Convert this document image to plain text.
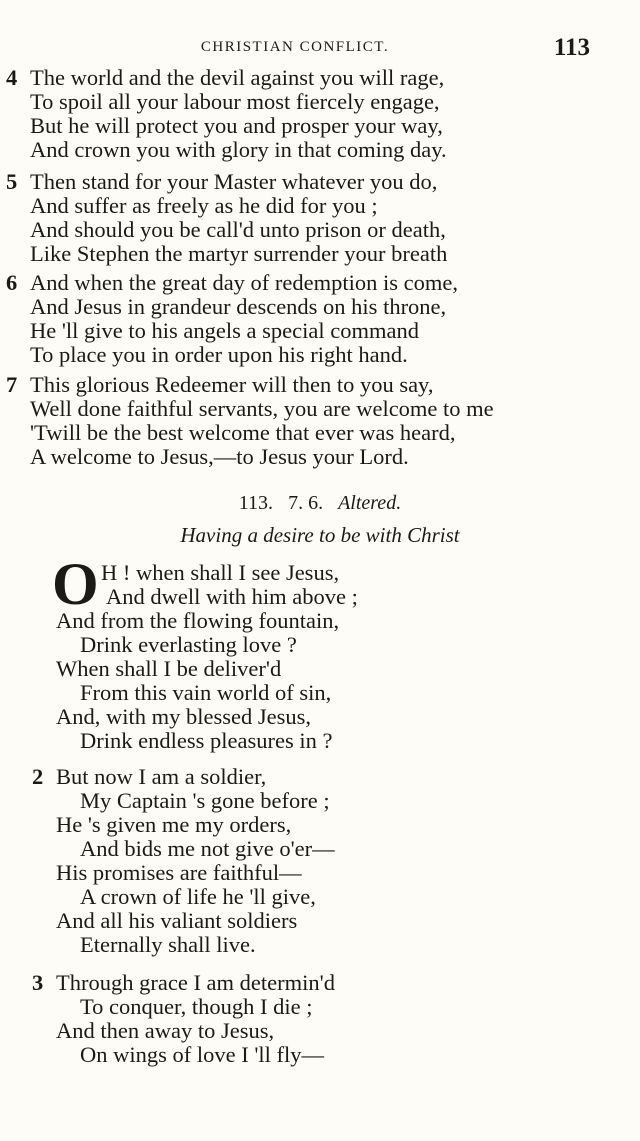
CHRISTIAN CONFLICT.	113
4 The world and the devil against you will rage,
To spoil all your labour most fiercely engage,
But he will protect you and prosper your way,
And crown you with glory in that coming day.
5 Then stand for your Master whatever you do,
And suffer as freely as he did for you ;
And should you be call'd unto prison or death,
Like Stephen the martyr surrender your breath
6 And when the great day of redemption is come,
And Jesus in grandeur descends on his throne,
He 'll give to his angels a special command
To place you in order upon his right hand.
7 This glorious Redeemer will then to you say,
Well done faithful servants, you are welcome to me
'Twill be the best welcome that ever was heard,
A welcome to Jesus,—to Jesus your Lord.
113. 7. 6. Altered.
Having a desire to be with Christ
O H ! when shall I see Jesus,
And dwell with him above ;
And from the flowing fountain,
Drink everlasting love ?
When shall I be deliver'd
From this vain world of sin,
And, with my blessed Jesus,
Drink endless pleasures in ?
2 But now I am a soldier,
My Captain 's gone before ;
He 's given me my orders,
And bids me not give o'er—
His promises are faithful—
A crown of life he 'll give,
And all his valiant soldiers
Eternally shall live.
3 Through grace I am determin'd
To conquer, though I die ;
And then away to Jesus,
On wings of love I 'll fly—
